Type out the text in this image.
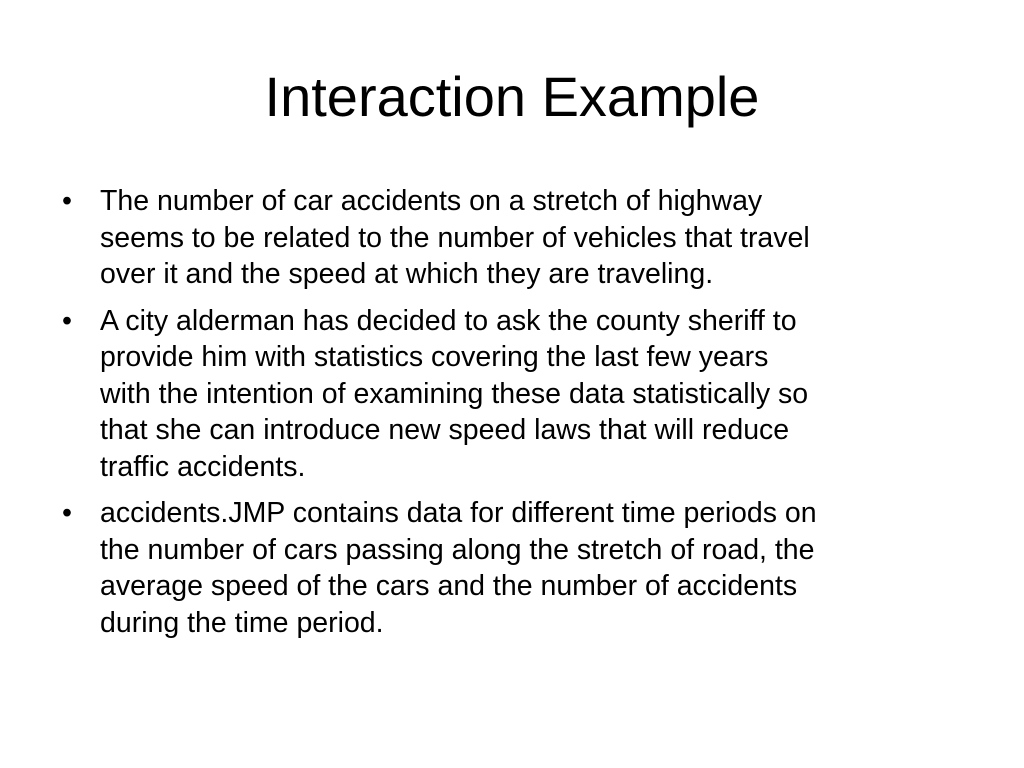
Interaction Example
• The number of car accidents on a stretch of highway
seems to be related to the number of vehicles that travel
over it and the speed at which they are traveling.
• A city alderman has decided to ask the county sheriff to
provide him with statistics covering the last few years
with the intention of examining these data statistically so
that she can introduce new speed laws that will reduce
traffic accidents.
• accidents.JMP contains data for different time periods on
the number of cars passing along the stretch of road, the
average speed of the cars and the number of accidents
during the time period.
